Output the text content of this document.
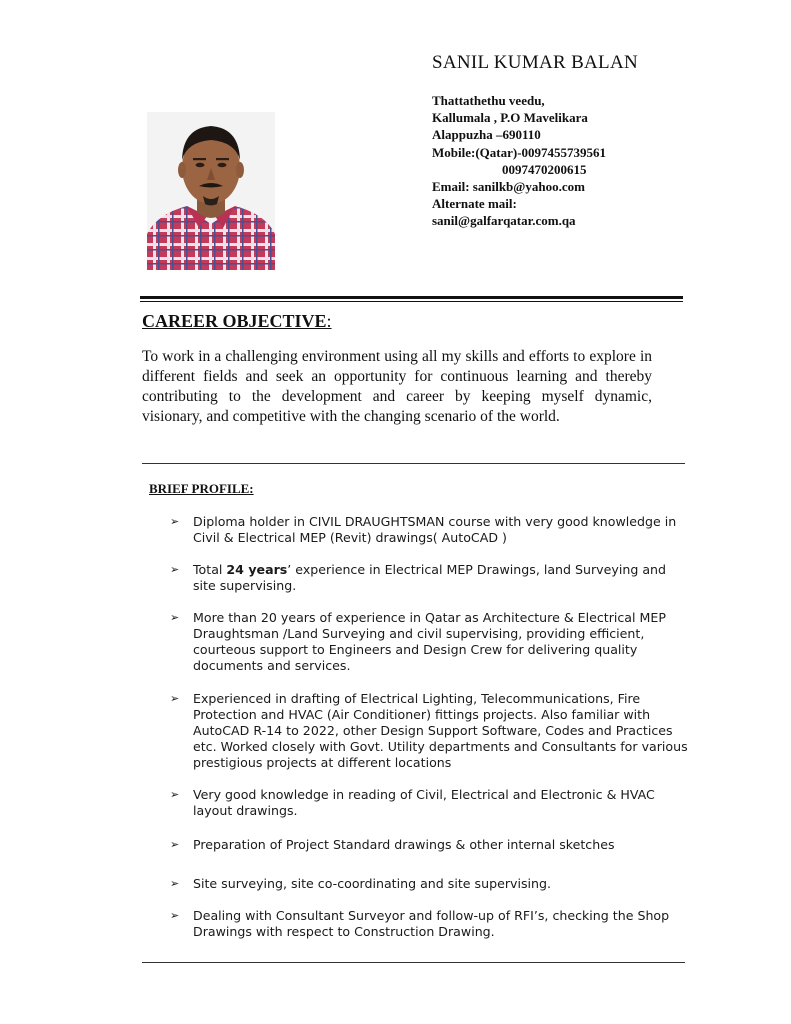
SANIL KUMAR BALAN
Thattathethu veedu,
Kallumala , P.O Mavelikara
Alappuzha –690110
Mobile:(Qatar)-0097455739561
0097470200615
Email: sanilkb@yahoo.com
Alternate mail:
sanil@galfarqatar.com.qa
CAREER OBJECTIVE:
To work in a challenging environment using all my skills and efforts to explore in different fields and seek an opportunity for continuous learning and thereby contributing to the development and career by keeping myself dynamic, visionary, and competitive with the changing scenario of the world.
BRIEF PROFILE:
➢ Diploma holder in CIVIL DRAUGHTSMAN course with very good knowledge in Civil & Electrical MEP (Revit) drawings( AutoCAD )
➢ Total 24 years’ experience in Electrical MEP Drawings, land Surveying and site supervising.
➢ More than 20 years of experience in Qatar as Architecture & Electrical MEP Draughtsman /Land Surveying and civil supervising, providing efficient, courteous support to Engineers and Design Crew for delivering quality documents and services.
➢ Experienced in drafting of Electrical Lighting, Telecommunications, Fire Protection and HVAC (Air Conditioner) fittings projects. Also familiar with AutoCAD R-14 to 2022, other Design Support Software, Codes and Practices etc. Worked closely with Govt. Utility departments and Consultants for various prestigious projects at different locations
➢ Very good knowledge in reading of Civil, Electrical and Electronic & HVAC layout drawings.
➢ Preparation of Project Standard drawings & other internal sketches
➢ Site surveying, site co-coordinating and site supervising.
➢ Dealing with Consultant Surveyor and follow-up of RFI’s, checking the Shop Drawings with respect to Construction Drawing.
